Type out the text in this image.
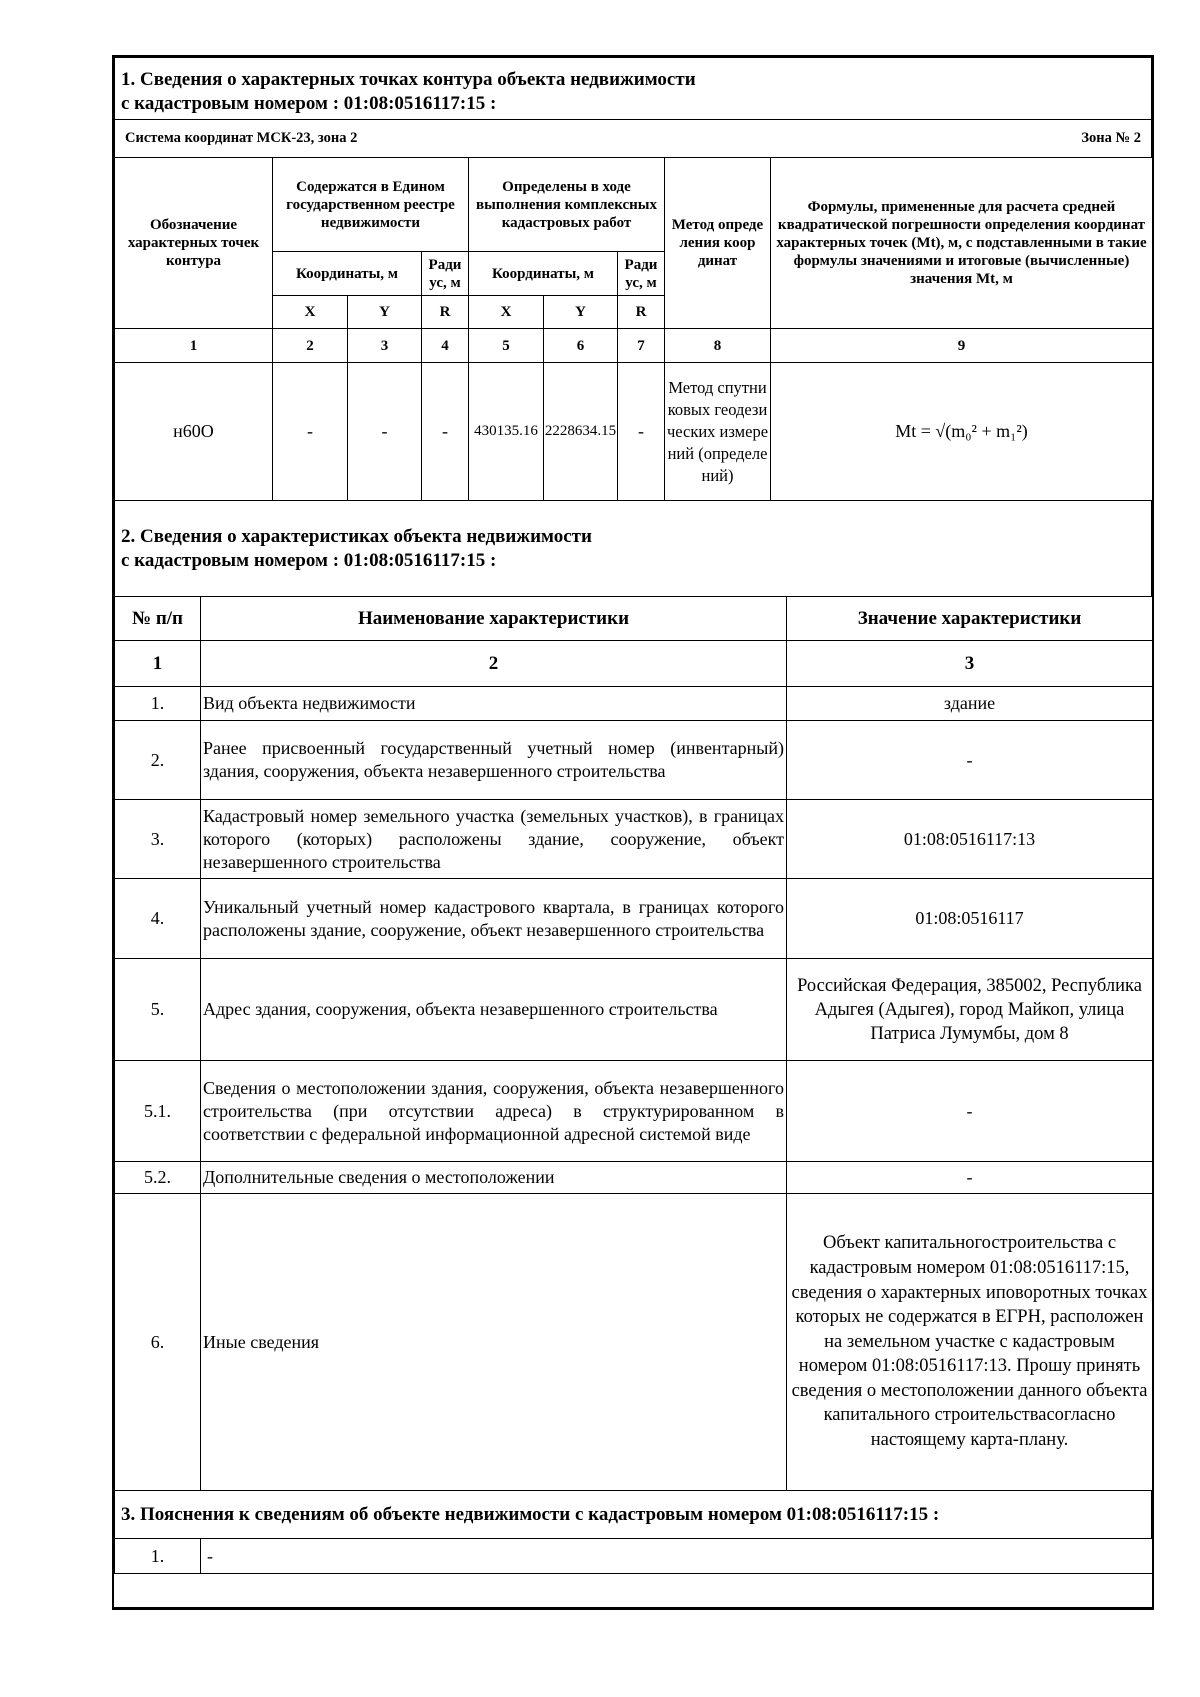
1. Сведения о характерных точках контура объекта недвижимости
с кадастровым номером : 01:08:0516117:15 :

Система координат МСК-23, зона 2	Зона № 2
Обозначение характерных точек контура	Содержатся в Едином государственном реестре недвижимости			Определены в ходе выполнения комплексных кадастровых работ			Метод опреде ления коор динат	Формулы, примененные для расчета средней квадратической погрешности определения координат характерных точек (Mt), м, с подставленными в такие формулы значениями и итоговые (вычисленные) значения Mt, м
	Координаты, м		Ради ус, м	Координаты, м		Ради ус, м		
	X	Y	R	X	Y	R		
1	2	3	4	5	6	7	8	9
н60О	-	-	-	430135.16	2228634.15	-	Метод спутниковых геодезических измерений (определений)	Mt = √(m₀² + m₁²)
2. Сведения о характеристиках объекта недвижимости
с кадастровым номером : 01:08:0516117:15 :
№ п/п	Наименование характеристики	Значение характеристики
1	2	3
1.	Вид объекта недвижимости	здание
2.	Ранее присвоенный государственный учетный номер (инвентарный) здания, сооружения, объекта незавершенного строительства	-
3.	Кадастровый номер земельного участка (земельных участков), в границах которого (которых) расположены здание, сооружение, объект незавершенного строительства	01:08:0516117:13
4.	Уникальный учетный номер кадастрового квартала, в границах которого расположены здание, сооружение, объект незавершенного строительства	01:08:0516117
5.	Адрес здания, сооружения, объекта незавершенного строительства	Российская Федерация, 385002, Республика Адыгея (Адыгея), город Майкоп, улица Патриса Лумумбы, дом 8
5.1.	Сведения о местоположении здания, сооружения, объекта незавершенного строительства (при отсутствии адреса) в структурированном в соответствии с федеральной информационной адресной системой виде	-
5.2.	Дополнительные сведения о местоположении	-
6.	Иные сведения	Объект капитальногостроительства с кадастровым номером 01:08:0516117:15, сведения о характерных иповоротных точках которых не содержатся в ЕГРН, расположен на земельном участке с кадастровым номером 01:08:0516117:13. Прошу принять сведения о местоположении данного объекта капитального строительствасогласно настоящему карта-плану.
3. Пояснения к сведениям об объекте недвижимости с кадастровым номером 01:08:0516117:15 :
1.	-
